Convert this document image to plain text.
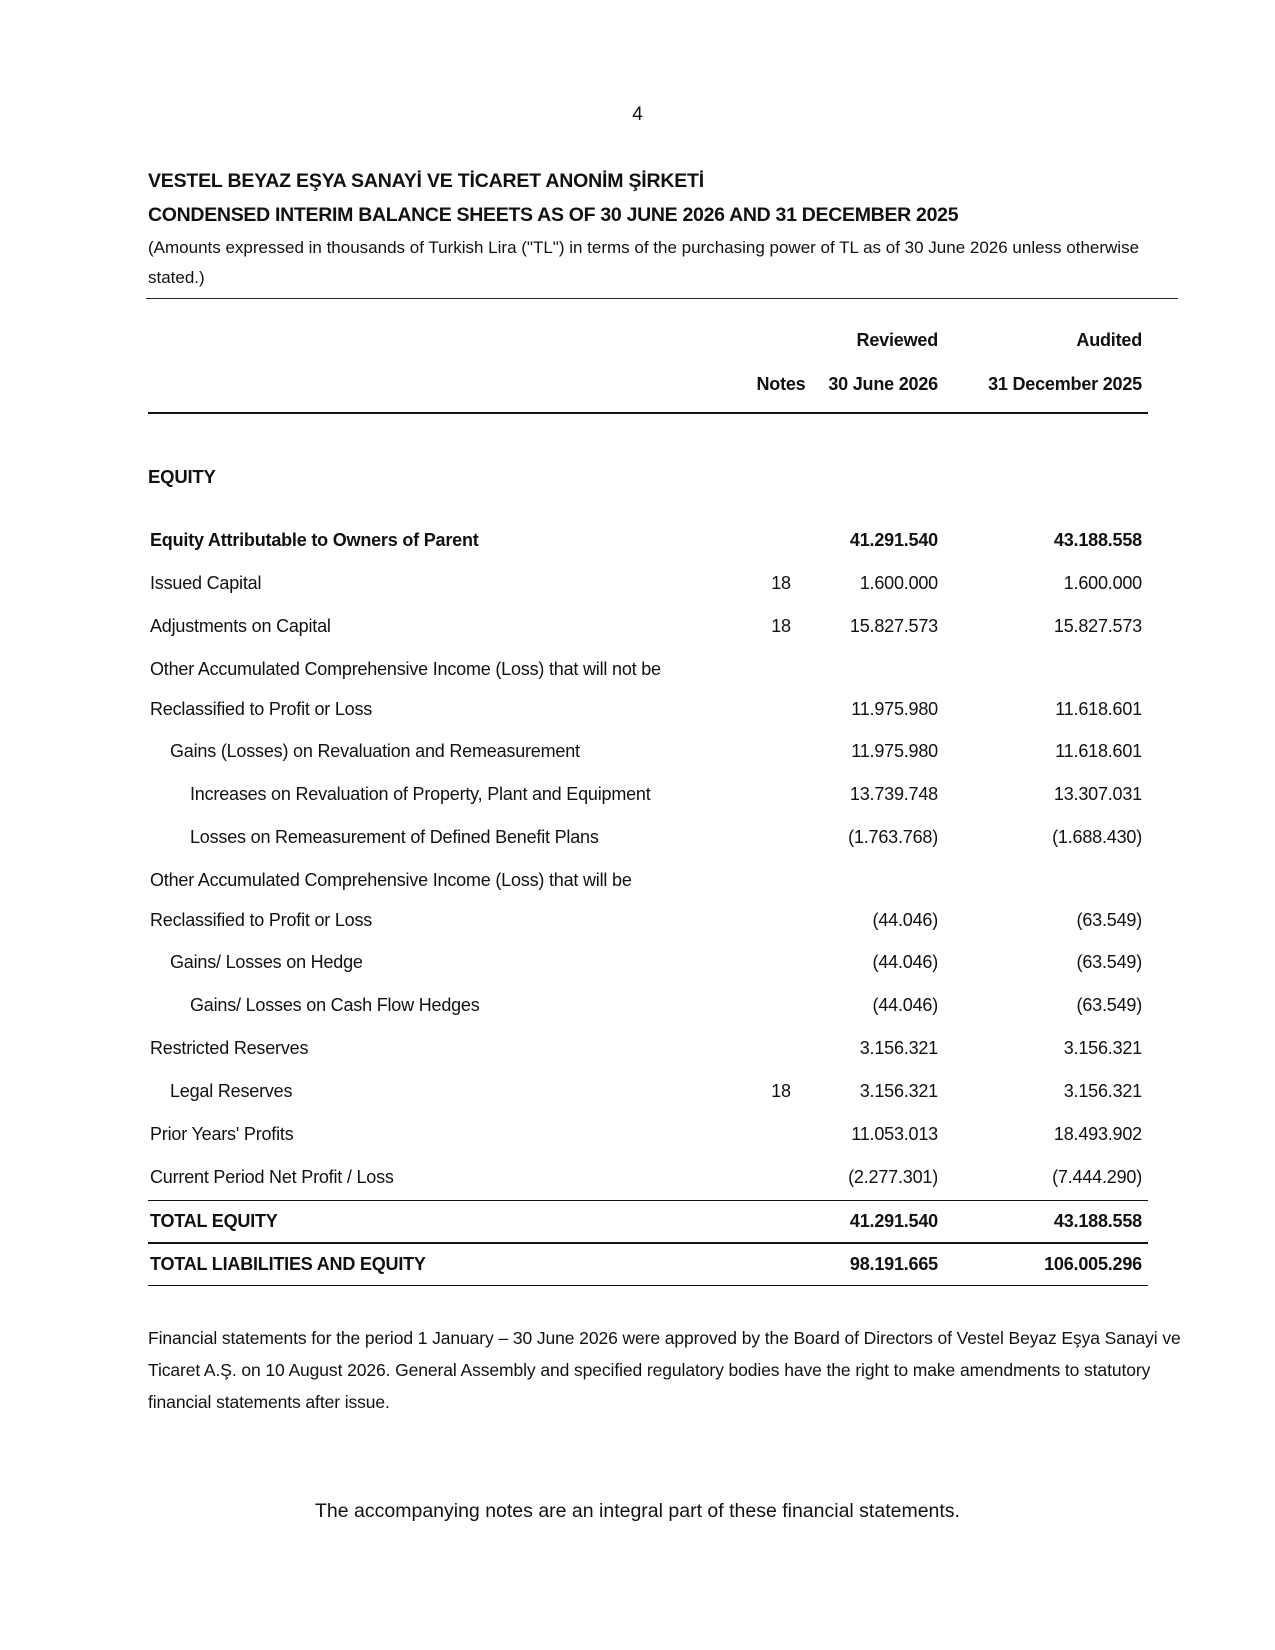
4
VESTEL BEYAZ EŞYA SANAYİ VE TİCARET ANONİM ŞİRKETİ
CONDENSED INTERIM BALANCE SHEETS AS OF 30 JUNE 2026 AND 31 DECEMBER 2025
(Amounts expressed in thousands of Turkish Lira ("TL") in terms of the purchasing power of TL as of 30 June 2026 unless otherwise stated.)
Reviewed	Audited
Notes	30 June 2026	31 December 2025
EQUITY
Equity Attributable to Owners of Parent	41.291.540	43.188.558
Issued Capital	18	1.600.000	1.600.000
Adjustments on Capital	18	15.827.573	15.827.573
Other Accumulated Comprehensive Income (Loss) that will not be
Reclassified to Profit or Loss	11.975.980	11.618.601
Gains (Losses) on Revaluation and Remeasurement	11.975.980	11.618.601
Increases on Revaluation of Property, Plant and Equipment	13.739.748	13.307.031
Losses on Remeasurement of Defined Benefit Plans	(1.763.768)	(1.688.430)
Other Accumulated Comprehensive Income (Loss) that will be
Reclassified to Profit or Loss	(44.046)	(63.549)
Gains/ Losses on Hedge	(44.046)	(63.549)
Gains/ Losses on Cash Flow Hedges	(44.046)	(63.549)
Restricted Reserves	3.156.321	3.156.321
Legal Reserves	18	3.156.321	3.156.321
Prior Years' Profits	11.053.013	18.493.902
Current Period Net Profit / Loss	(2.277.301)	(7.444.290)
TOTAL EQUITY	41.291.540	43.188.558
TOTAL LIABILITIES AND EQUITY	98.191.665	106.005.296
Financial statements for the period 1 January – 30 June 2026 were approved by the Board of Directors of Vestel Beyaz Eşya Sanayi ve Ticaret A.Ş. on 10 August 2026. General Assembly and specified regulatory bodies have the right to make amendments to statutory financial statements after issue.
The accompanying notes are an integral part of these financial statements.
